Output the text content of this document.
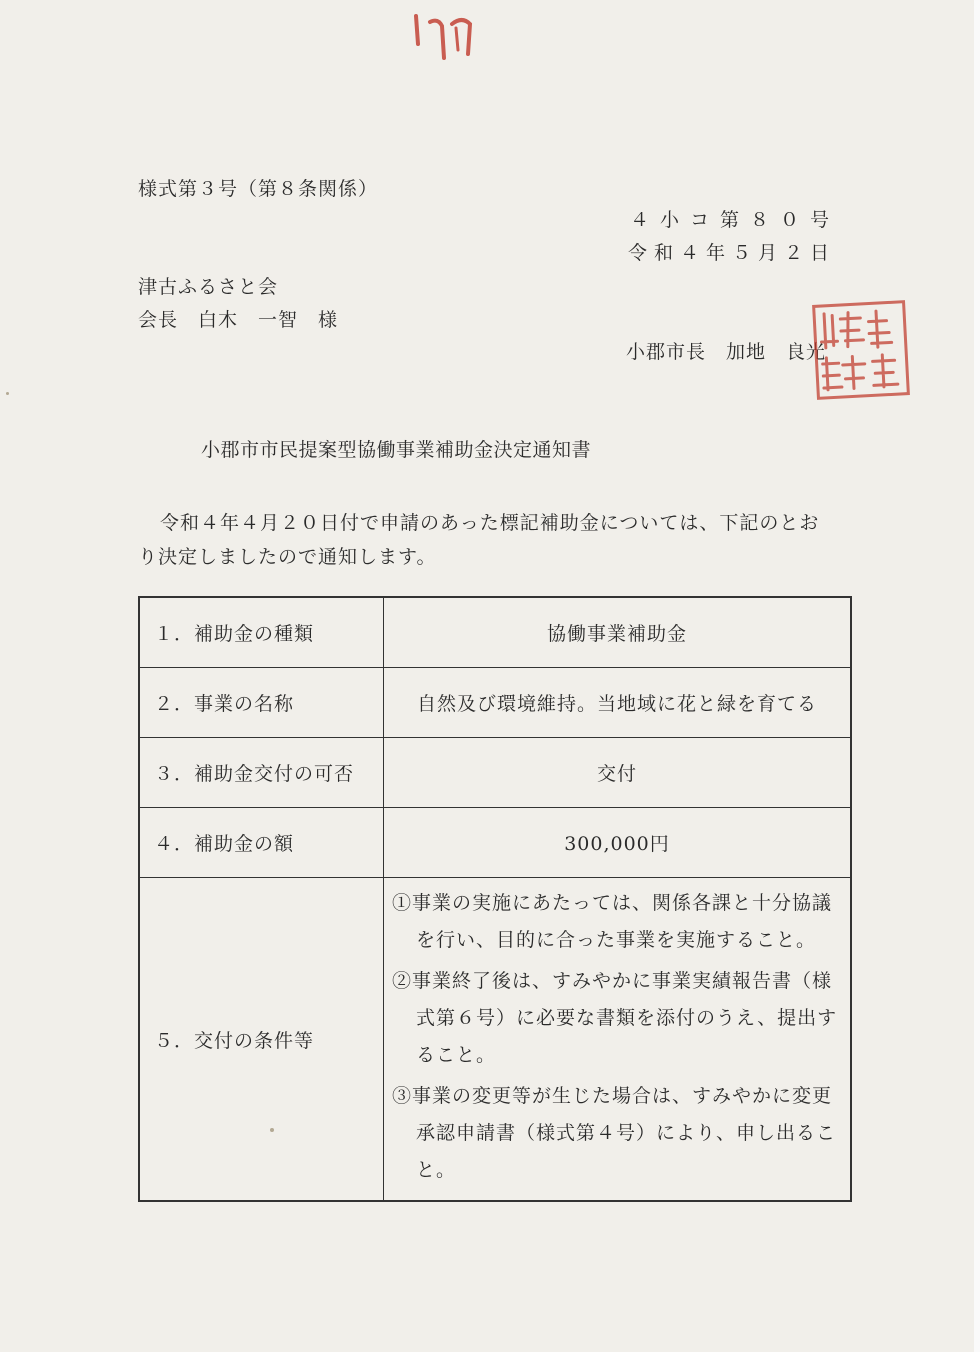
様式第３号（第８条関係）
４小コ第８０号
令和４年５月２日
津古ふるさと会
会長　白木　一智　様
小郡市長　加地　良光
小郡市市民提案型協働事業補助金決定通知書
令和４年４月２０日付で申請のあった標記補助金については、下記のとおり決定しましたので通知します。
１．補助金の種類	協働事業補助金
２．事業の名称	自然及び環境維持。当地域に花と緑を育てる
３．補助金交付の可否	交付
４．補助金の額	300,000円
５．交付の条件等	①事業の実施にあたっては、関係各課と十分協議を行い、目的に合った事業を実施すること。
②事業終了後は、すみやかに事業実績報告書（様式第６号）に必要な書類を添付のうえ、提出すること。
③事業の変更等が生じた場合は、すみやかに変更承認申請書（様式第４号）により、申し出ること。
